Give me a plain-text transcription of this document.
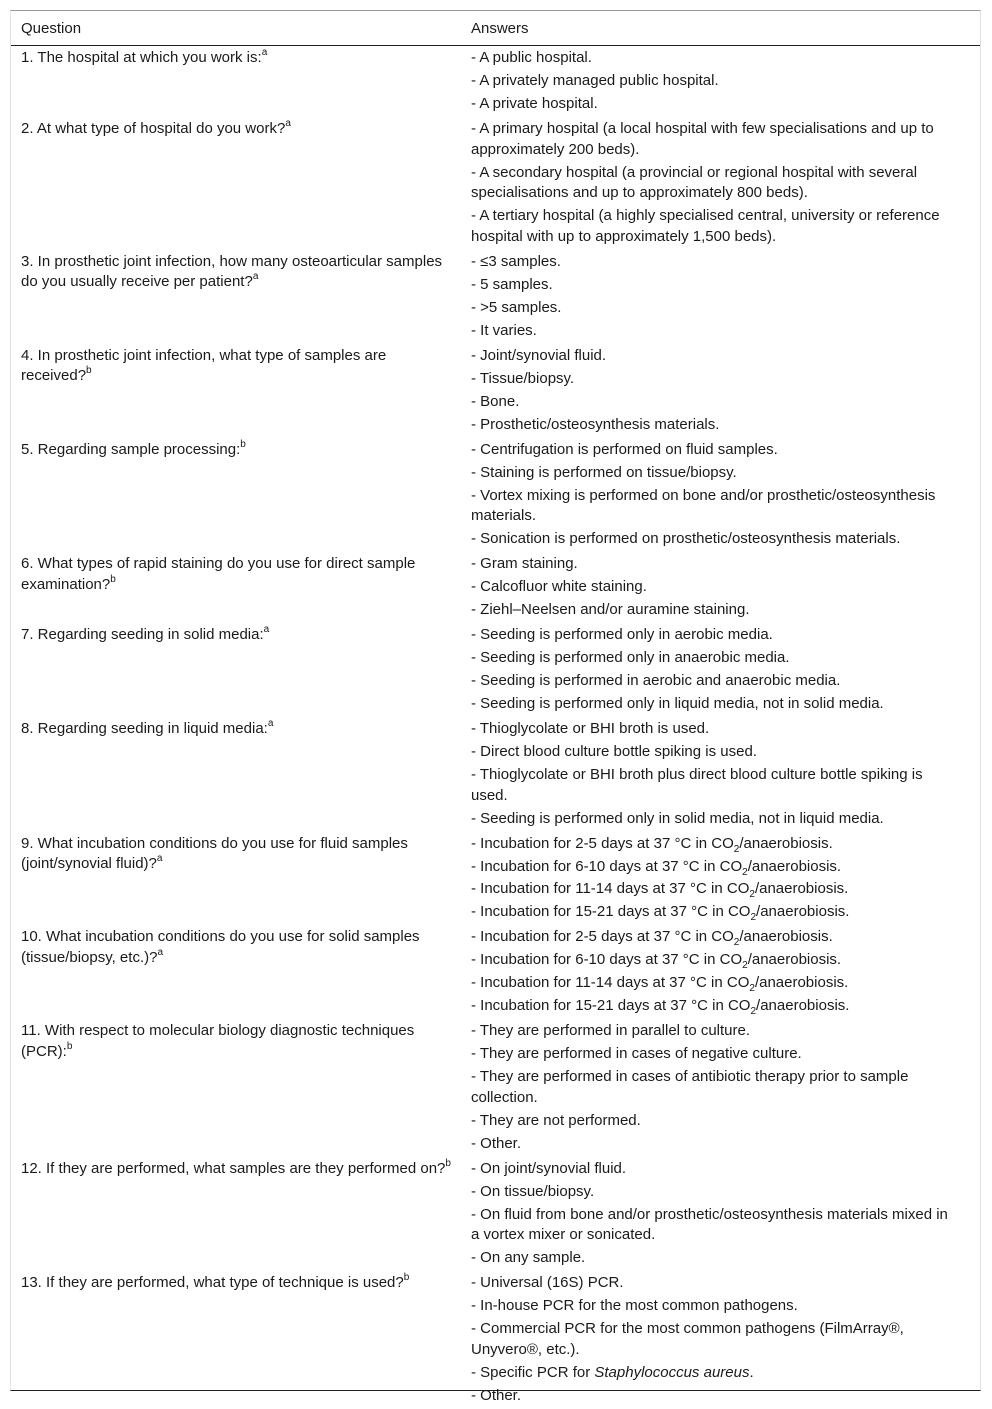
Question	Answers
1. The hospital at which you work is:$^a$	- A public hospital.
- A privately managed public hospital.
- A private hospital.

2. At what type of hospital do you work?$^a$	- A primary hospital (a local hospital with few specialisations and up to approximately 200 beds).
- A secondary hospital (a provincial or regional hospital with several specialisations and up to approximately 800 beds).
- A tertiary hospital (a highly specialised central, university or reference hospital with up to approximately 1,500 beds).

3. In prosthetic joint infection, how many osteoarticular samples do you usually receive per patient?$^a$	- ≤3 samples.
- 5 samples.
- >5 samples.
- It varies.

4. In prosthetic joint infection, what type of samples are received?$^b$	- Joint/synovial fluid.
- Tissue/biopsy.
- Bone.
- Prosthetic/osteosynthesis materials.

5. Regarding sample processing:$^b$	- Centrifugation is performed on fluid samples.
- Staining is performed on tissue/biopsy.
- Vortex mixing is performed on bone and/or prosthetic/osteosynthesis materials.
- Sonication is performed on prosthetic/osteosynthesis materials.

6. What types of rapid staining do you use for direct sample examination?$^b$	- Gram staining.
- Calcofluor white staining.
- Ziehl–Neelsen and/or auramine staining.

7. Regarding seeding in solid media:$^a$	- Seeding is performed only in aerobic media.
- Seeding is performed only in anaerobic media.
- Seeding is performed in aerobic and anaerobic media.
- Seeding is performed only in liquid media, not in solid media.

8. Regarding seeding in liquid media:$^a$	- Thioglycolate or BHI broth is used.
- Direct blood culture bottle spiking is used.
- Thioglycolate or BHI broth plus direct blood culture bottle spiking is used.
- Seeding is performed only in solid media, not in liquid media.

9. What incubation conditions do you use for fluid samples (joint/synovial fluid)?$^a$	- Incubation for 2-5 days at 37 °C in $CO_2$/anaerobiosis.
- Incubation for 6-10 days at 37 °C in $CO_2$/anaerobiosis.
- Incubation for 11-14 days at 37 °C in $CO_2$/anaerobiosis.
- Incubation for 15-21 days at 37 °C in $CO_2$/anaerobiosis.

10. What incubation conditions do you use for solid samples (tissue/biopsy, etc.)?$^a$	- Incubation for 2-5 days at 37 °C in $CO_2$/anaerobiosis.
- Incubation for 6-10 days at 37 °C in $CO_2$/anaerobiosis.
- Incubation for 11-14 days at 37 °C in $CO_2$/anaerobiosis.
- Incubation for 15-21 days at 37 °C in $CO_2$/anaerobiosis.

11. With respect to molecular biology diagnostic techniques (PCR):$^b$	- They are performed in parallel to culture.
- They are performed in cases of negative culture.
- They are performed in cases of antibiotic therapy prior to sample collection.
- They are not performed.
- Other.

12. If they are performed, what samples are they performed on?$^b$	- On joint/synovial fluid.
- On tissue/biopsy.
- On fluid from bone and/or prosthetic/osteosynthesis materials mixed in a vortex mixer or sonicated.
- On any sample.

13. If they are performed, what type of technique is used?$^b$	- Universal (16S) PCR.
- In-house PCR for the most common pathogens.
- Commercial PCR for the most common pathogens (FilmArray®, Unyvero®, etc.).
- Specific PCR for Staphylococcus aureus.
- Other.
